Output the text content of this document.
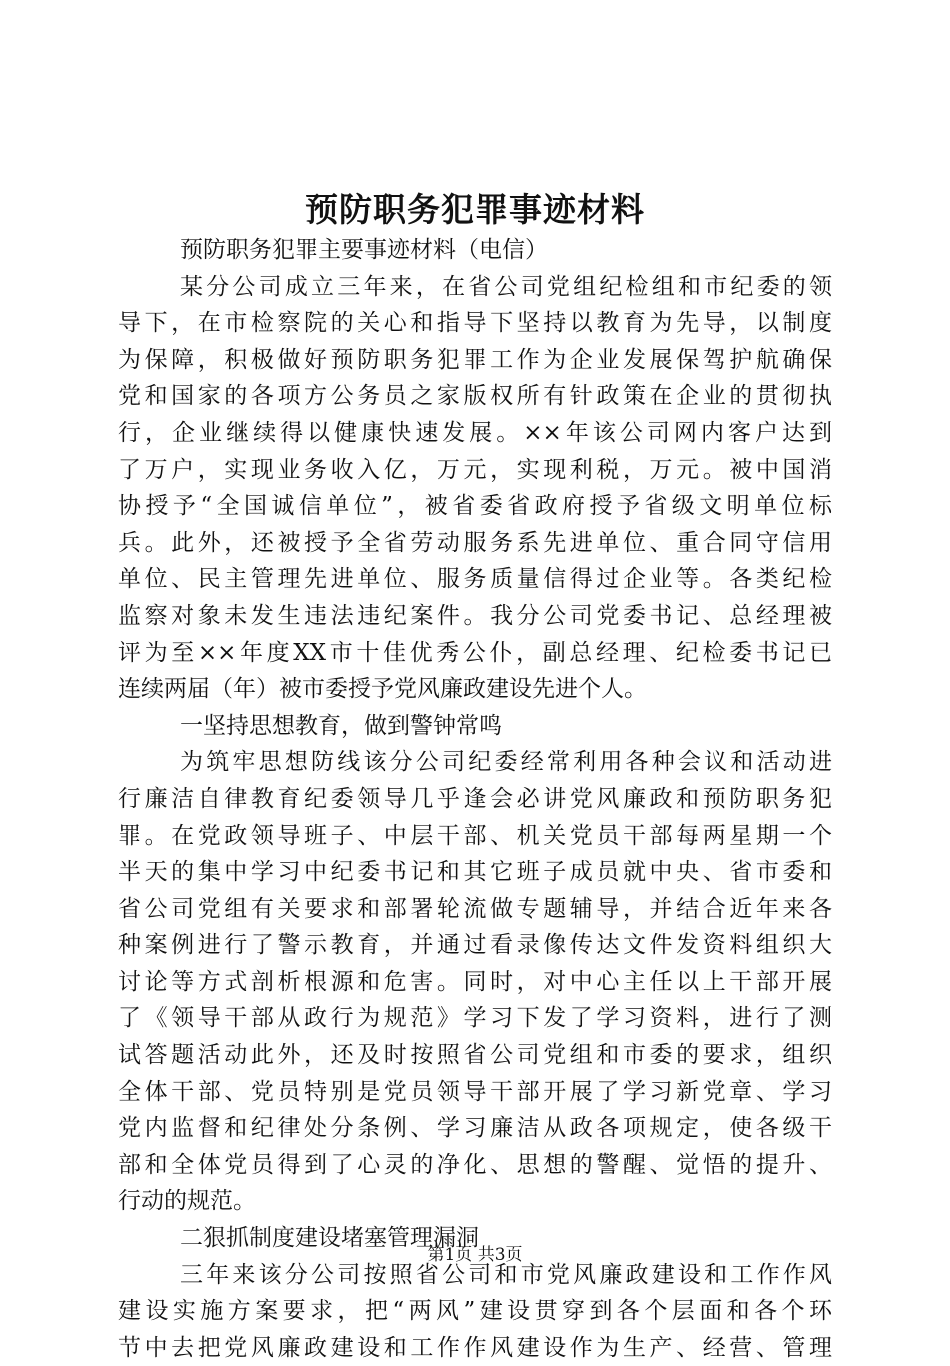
预防职务犯罪事迹材料
预防职务犯罪主要事迹材料（电信）
某分公司成立三年来，在省公司党组纪检组和市纪委的领
导下，在市检察院的关心和指导下坚持以教育为先导，以制度
为保障，积极做好预防职务犯罪工作为企业发展保驾护航确保
党和国家的各项方公务员之家版权所有针政策在企业的贯彻执
行，企业继续得以健康快速发展。××年该公司网内客户达到
了万户，实现业务收入亿，万元，实现利税，万元。被中国消
协授予“全国诚信单位”，被省委省政府授予省级文明单位标
兵。此外，还被授予全省劳动服务系先进单位、重合同守信用
单位、民主管理先进单位、服务质量信得过企业等。各类纪检
监察对象未发生违法违纪案件。我分公司党委书记、总经理被
评为至××年度XX市十佳优秀公仆，副总经理、纪检委书记已
连续两届（年）被市委授予党风廉政建设先进个人。
一坚持思想教育，做到警钟常鸣
为筑牢思想防线该分公司纪委经常利用各种会议和活动进
行廉洁自律教育纪委领导几乎逢会必讲党风廉政和预防职务犯
罪。在党政领导班子、中层干部、机关党员干部每两星期一个
半天的集中学习中纪委书记和其它班子成员就中央、省市委和
省公司党组有关要求和部署轮流做专题辅导，并结合近年来各
种案例进行了警示教育，并通过看录像传达文件发资料组织大
讨论等方式剖析根源和危害。同时，对中心主任以上干部开展
了《领导干部从政行为规范》学习下发了学习资料，进行了测
试答题活动此外，还及时按照省公司党组和市委的要求，组织
全体干部、党员特别是党员领导干部开展了学习新党章、学习
党内监督和纪律处分条例、学习廉洁从政各项规定，使各级干
部和全体党员得到了心灵的净化、思想的警醒、觉悟的提升、
行动的规范。
二狠抓制度建设堵塞管理漏洞
三年来该分公司按照省公司和市党风廉政建设和工作作风
建设实施方案要求，把“两风”建设贯穿到各个层面和各个环
节中去把党风廉政建设和工作作风建设作为生产、经营、管理
第1页 共3页
